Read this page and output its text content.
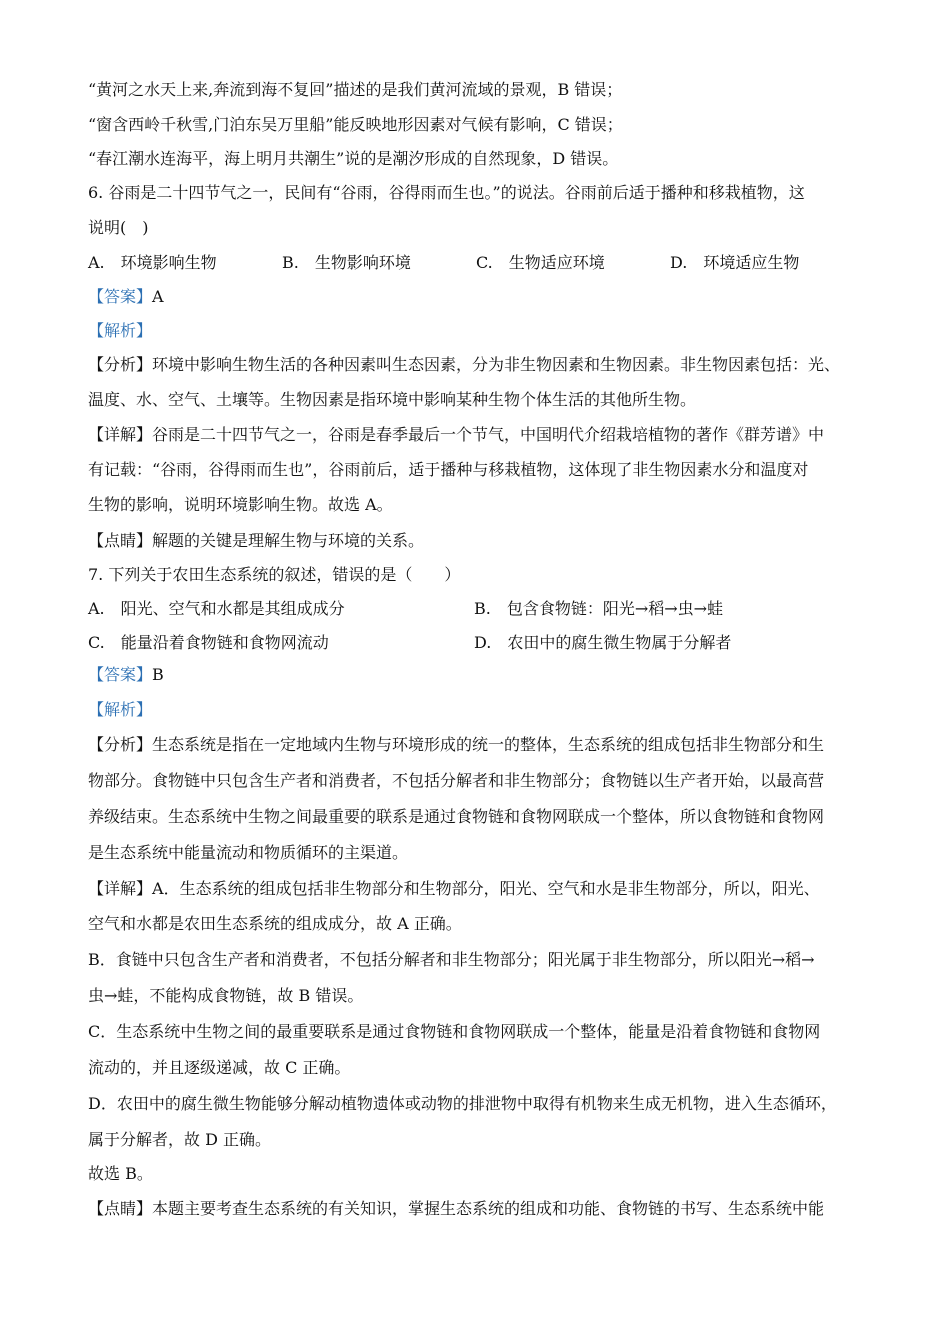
“黄河之水天上来,奔流到海不复回”描述的是我们黄河流域的景观，B 错误；
“窗含西岭千秋雪,门泊东吴万里船”能反映地形因素对气候有影响，C 错误；
“春江潮水连海平，海上明月共潮生”说的是潮汐形成的自然现象，D 错误。
6. 谷雨是二十四节气之一，民间有“谷雨，谷得雨而生也。”的说法。谷雨前后适于播种和移栽植物，这
说明(　)
A.　环境影响生物	B.　生物影响环境	C.　生物适应环境	D.　环境适应生物
【答案】A
【解析】
【分析】环境中影响生物生活的各种因素叫生态因素，分为非生物因素和生物因素。非生物因素包括：光、
温度、水、空气、土壤等。生物因素是指环境中影响某种生物个体生活的其他所生物。
【详解】谷雨是二十四节气之一，谷雨是春季最后一个节气，中国明代介绍栽培植物的著作《群芳谱》中
有记载：“谷雨，谷得雨而生也”，谷雨前后，适于播种与移栽植物，这体现了非生物因素水分和温度对
生物的影响，说明环境影响生物。故选 A。
【点睛】解题的关键是理解生物与环境的关系。
7. 下列关于农田生态系统的叙述，错误的是（　　）
A.　阳光、空气和水都是其组成成分	B.　包含食物链：阳光→稻→虫→蛙
C.　能量沿着食物链和食物网流动	D.　农田中的腐生微生物属于分解者
【答案】B
【解析】
【分析】生态系统是指在一定地域内生物与环境形成的统一的整体，生态系统的组成包括非生物部分和生
物部分。食物链中只包含生产者和消费者，不包括分解者和非生物部分；食物链以生产者开始，以最高营
养级结束。生态系统中生物之间最重要的联系是通过食物链和食物网联成一个整体，所以食物链和食物网
是生态系统中能量流动和物质循环的主渠道。
【详解】A．生态系统的组成包括非生物部分和生物部分，阳光、空气和水是非生物部分，所以，阳光、
空气和水都是农田生态系统的组成成分，故 A 正确。
B．食链中只包含生产者和消费者，不包括分解者和非生物部分；阳光属于非生物部分，所以阳光→稻→
虫→蛙，不能构成食物链，故 B 错误。
C．生态系统中生物之间的最重要联系是通过食物链和食物网联成一个整体，能量是沿着食物链和食物网
流动的，并且逐级递减，故 C 正确。
D．农田中的腐生微生物能够分解动植物遗体或动物的排泄物中取得有机物来生成无机物，进入生态循环，
属于分解者，故 D 正确。
故选 B。
【点睛】本题主要考查生态系统的有关知识，掌握生态系统的组成和功能、食物链的书写、生态系统中能
